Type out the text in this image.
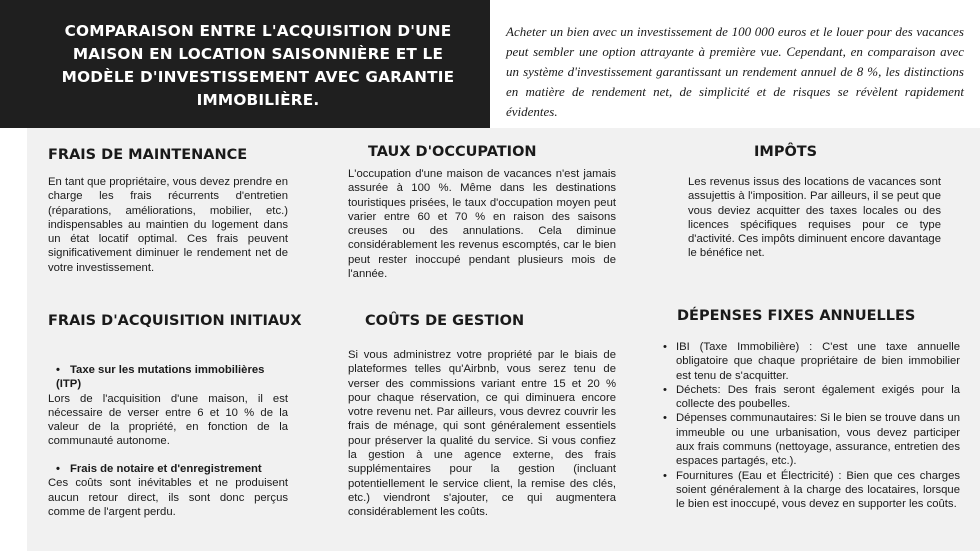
COMPARAISON ENTRE L'ACQUISITION D'UNE MAISON EN LOCATION SAISONNIÈRE ET LE MODÈLE D'INVESTISSEMENT AVEC GARANTIE IMMOBILIÈRE.

Acheter un bien avec un investissement de 100 000 euros et le louer pour des vacances peut sembler une option attrayante à première vue. Cependant, en comparaison avec un système d'investissement garantissant un rendement annuel de 8 %, les distinctions en matière de rendement net, de simplicité et de risques se révèlent rapidement évidentes.

FRAIS DE MAINTENANCE

En tant que propriétaire, vous devez prendre en charge les frais récurrents d'entretien (réparations, améliorations, mobilier, etc.) indispensables au maintien du logement dans un état locatif optimal. Ces frais peuvent significativement diminuer le rendement net de votre investissement.

TAUX D'OCCUPATION

L'occupation d'une maison de vacances n'est jamais assurée à 100 %. Même dans les destinations touristiques prisées, le taux d'occupation moyen peut varier entre 60 et 70 % en raison des saisons creuses ou des annulations. Cela diminue considérablement les revenus escomptés, car le bien peut rester inoccupé pendant plusieurs mois de l'année.

IMPÔTS

Les revenus issus des locations de vacances sont assujettis à l'imposition. Par ailleurs, il se peut que vous deviez acquitter des taxes locales ou des licences spécifiques requises pour ce type d'activité. Ces impôts diminuent encore davantage le bénéfice net.

FRAIS D'ACQUISITION INITIAUX
• Taxe sur les mutations immobilières (ITP)
Lors de l'acquisition d'une maison, il est nécessaire de verser entre 6 et 10 % de la valeur de la propriété, en fonction de la communauté autonome.
• Frais de notaire et d'enregistrement
Ces coûts sont inévitables et ne produisent aucun retour direct, ils sont donc perçus comme de l'argent perdu.
COÛTS DE GESTION

Si vous administrez votre propriété par le biais de plateformes telles qu'Airbnb, vous serez tenu de verser des commissions variant entre 15 et 20 % pour chaque réservation, ce qui diminuera encore votre revenu net. Par ailleurs, vous devrez couvrir les frais de ménage, qui sont généralement essentiels pour préserver la qualité du service. Si vous confiez la gestion à une agence externe, des frais supplémentaires pour la gestion (incluant potentiellement le service client, la remise des clés, etc.) viendront s'ajouter, ce qui augmentera considérablement les coûts.

DÉPENSES FIXES ANNUELLES
• IBI (Taxe Immobilière) : C'est une taxe annuelle obligatoire que chaque propriétaire de bien immobilier est tenu de s'acquitter.
• Déchets: Des frais seront également exigés pour la collecte des poubelles.
• Dépenses communautaires: Si le bien se trouve dans un immeuble ou une urbanisation, vous devez participer aux frais communs (nettoyage, assurance, entretien des espaces partagés, etc.).
• Fournitures (Eau et Électricité) : Bien que ces charges soient généralement à la charge des locataires, lorsque le bien est inoccupé, vous devez en supporter les coûts.
